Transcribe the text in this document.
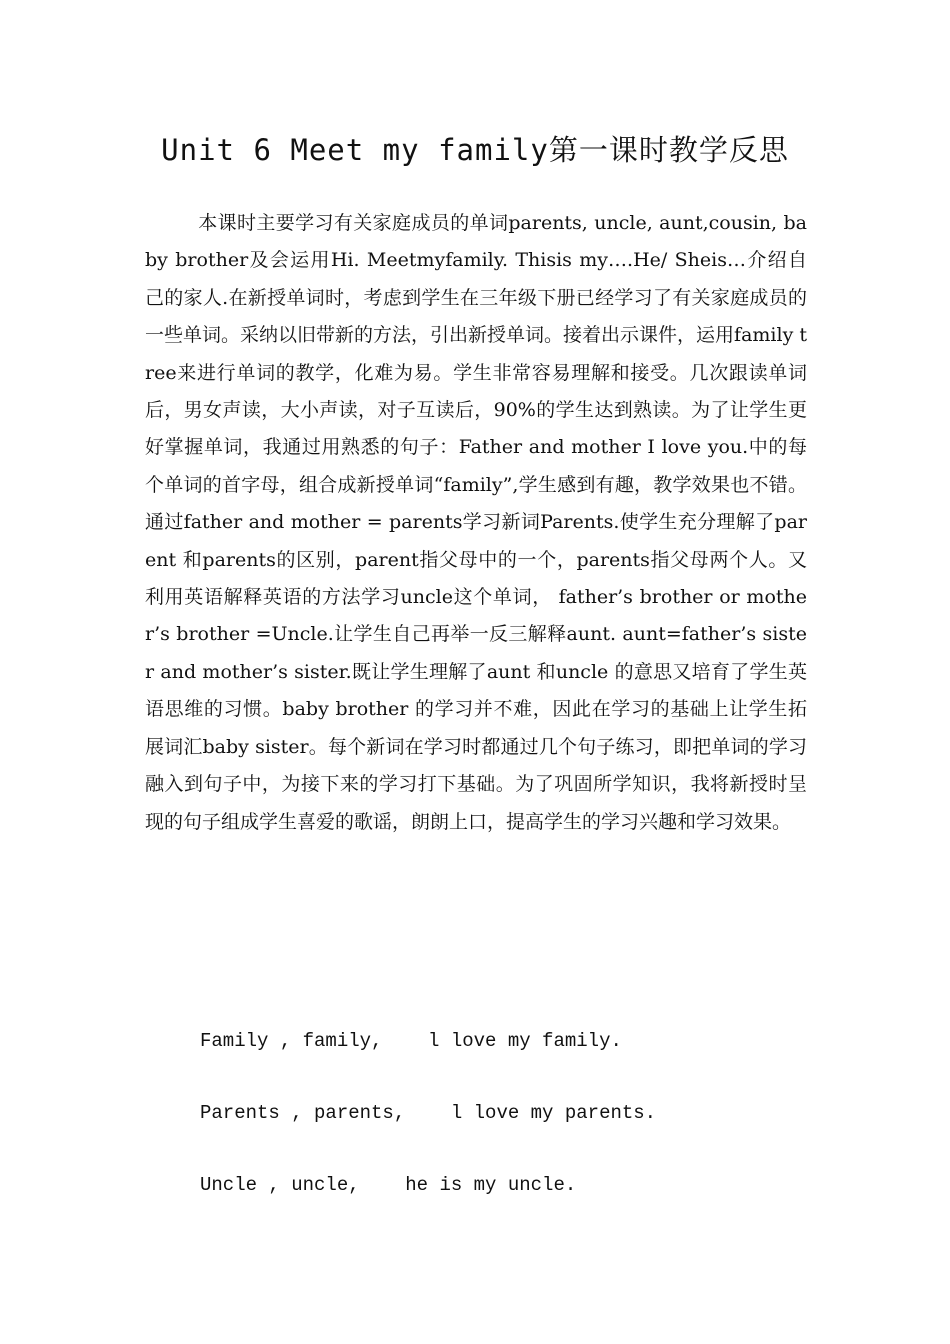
Unit 6 Meet my family第一课时教学反思

本课时主要学习有关家庭成员的单词parents, uncle, aunt,cousin, baby brother及会运用Hi. Meetmyfamily. Thisis my….He/ Sheis…介绍自己的家人.在新授单词时，考虑到学生在三年级下册已经学习了有关家庭成员的一些单词。采纳以旧带新的方法，引出新授单词。接着出示课件，运用family tree来进行单词的教学，化难为易。学生非常容易理解和接受。几次跟读单词后，男女声读，大小声读，对子互读后，90%的学生达到熟读。为了让学生更好掌握单词，我通过用熟悉的句子：Father and mother I love you.中的每个单词的首字母，组合成新授单词“family”,学生感到有趣，教学效果也不错。通过father and mother = parents学习新词Parents.使学生充分理解了parent 和parents的区别，parent指父母中的一个，parents指父母两个人。又利用英语解释英语的方法学习uncle这个单词， father’s brother or mother’s brother =Uncle.让学生自己再举一反三解释aunt. aunt=father’s sister and mother’s sister.既让学生理解了aunt 和uncle 的意思又培育了学生英语思维的习惯。baby brother 的学习并不难，因此在学习的基础上让学生拓展词汇baby sister。每个新词在学习时都通过几个句子练习，即把单词的学习融入到句子中，为接下来的学习打下基础。为了巩固所学知识，我将新授时呈现的句子组成学生喜爱的歌谣，朗朗上口，提高学生的学习兴趣和学习效果。

Family , family,    l love my family.
Parents , parents,    l love my parents.
Uncle , uncle,    he is my uncle.
